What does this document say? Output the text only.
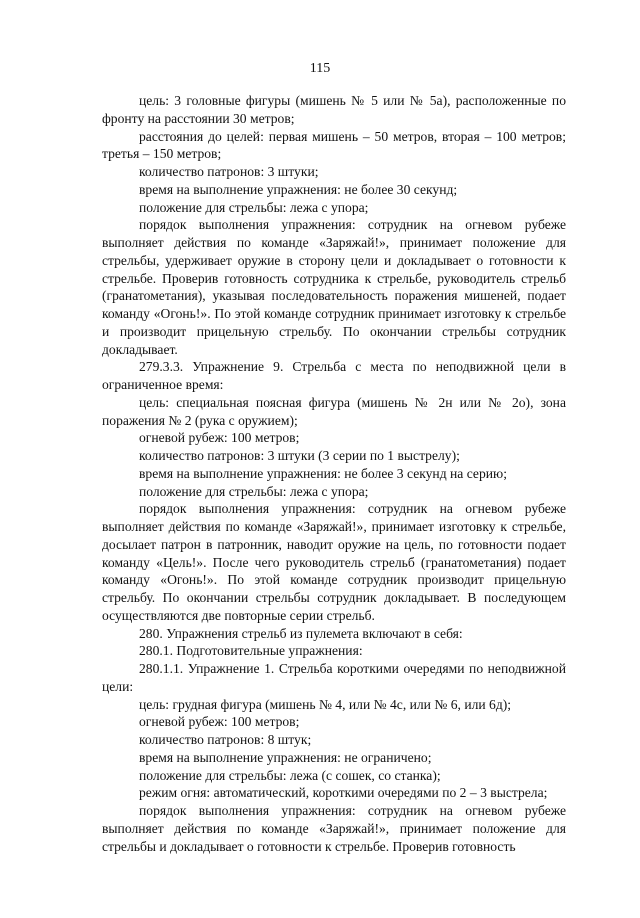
115

цель: 3 головные фигуры (мишень № 5 или № 5а), расположенные по фронту на расстоянии 30 метров;

расстояния до целей: первая мишень – 50 метров, вторая – 100 метров; третья – 150 метров;

количество патронов: 3 штуки;

время на выполнение упражнения: не более 30 секунд;

положение для стрельбы: лежа с упора;

порядок выполнения упражнения: сотрудник на огневом рубеже выполняет действия по команде «Заряжай!», принимает положение для стрельбы, удерживает оружие в сторону цели и докладывает о готовности к стрельбе. Проверив готовность сотрудника к стрельбе, руководитель стрельб (гранатометания), указывая последовательность поражения мишеней, подает команду «Огонь!». По этой команде сотрудник принимает изготовку к стрельбе и производит прицельную стрельбу. По окончании стрельбы сотрудник докладывает.

279.3.3. Упражнение 9. Стрельба с места по неподвижной цели в ограниченное время:

цель: специальная поясная фигура (мишень № 2н или № 2о), зона поражения № 2 (рука с оружием);

огневой рубеж: 100 метров;

количество патронов: 3 штуки (3 серии по 1 выстрелу);

время на выполнение упражнения: не более 3 секунд на серию;

положение для стрельбы: лежа с упора;

порядок выполнения упражнения: сотрудник на огневом рубеже выполняет действия по команде «Заряжай!», принимает изготовку к стрельбе, досылает патрон в патронник, наводит оружие на цель, по готовности подает команду «Цель!». После чего руководитель стрельб (гранатометания) подает команду «Огонь!». По этой команде сотрудник производит прицельную стрельбу. По окончании стрельбы сотрудник докладывает. В последующем осуществляются две повторные серии стрельб.

280. Упражнения стрельб из пулемета включают в себя:

280.1. Подготовительные упражнения:

280.1.1. Упражнение 1. Стрельба короткими очередями по неподвижной цели:

цель: грудная фигура (мишень № 4, или № 4с, или № 6, или 6д);

огневой рубеж: 100 метров;

количество патронов: 8 штук;

время на выполнение упражнения: не ограничено;

положение для стрельбы: лежа (с сошек, со станка);

режим огня: автоматический, короткими очередями по 2 – 3 выстрела;

порядок выполнения упражнения: сотрудник на огневом рубеже выполняет действия по команде «Заряжай!», принимает положение для стрельбы и докладывает о готовности к стрельбе. Проверив готовность
